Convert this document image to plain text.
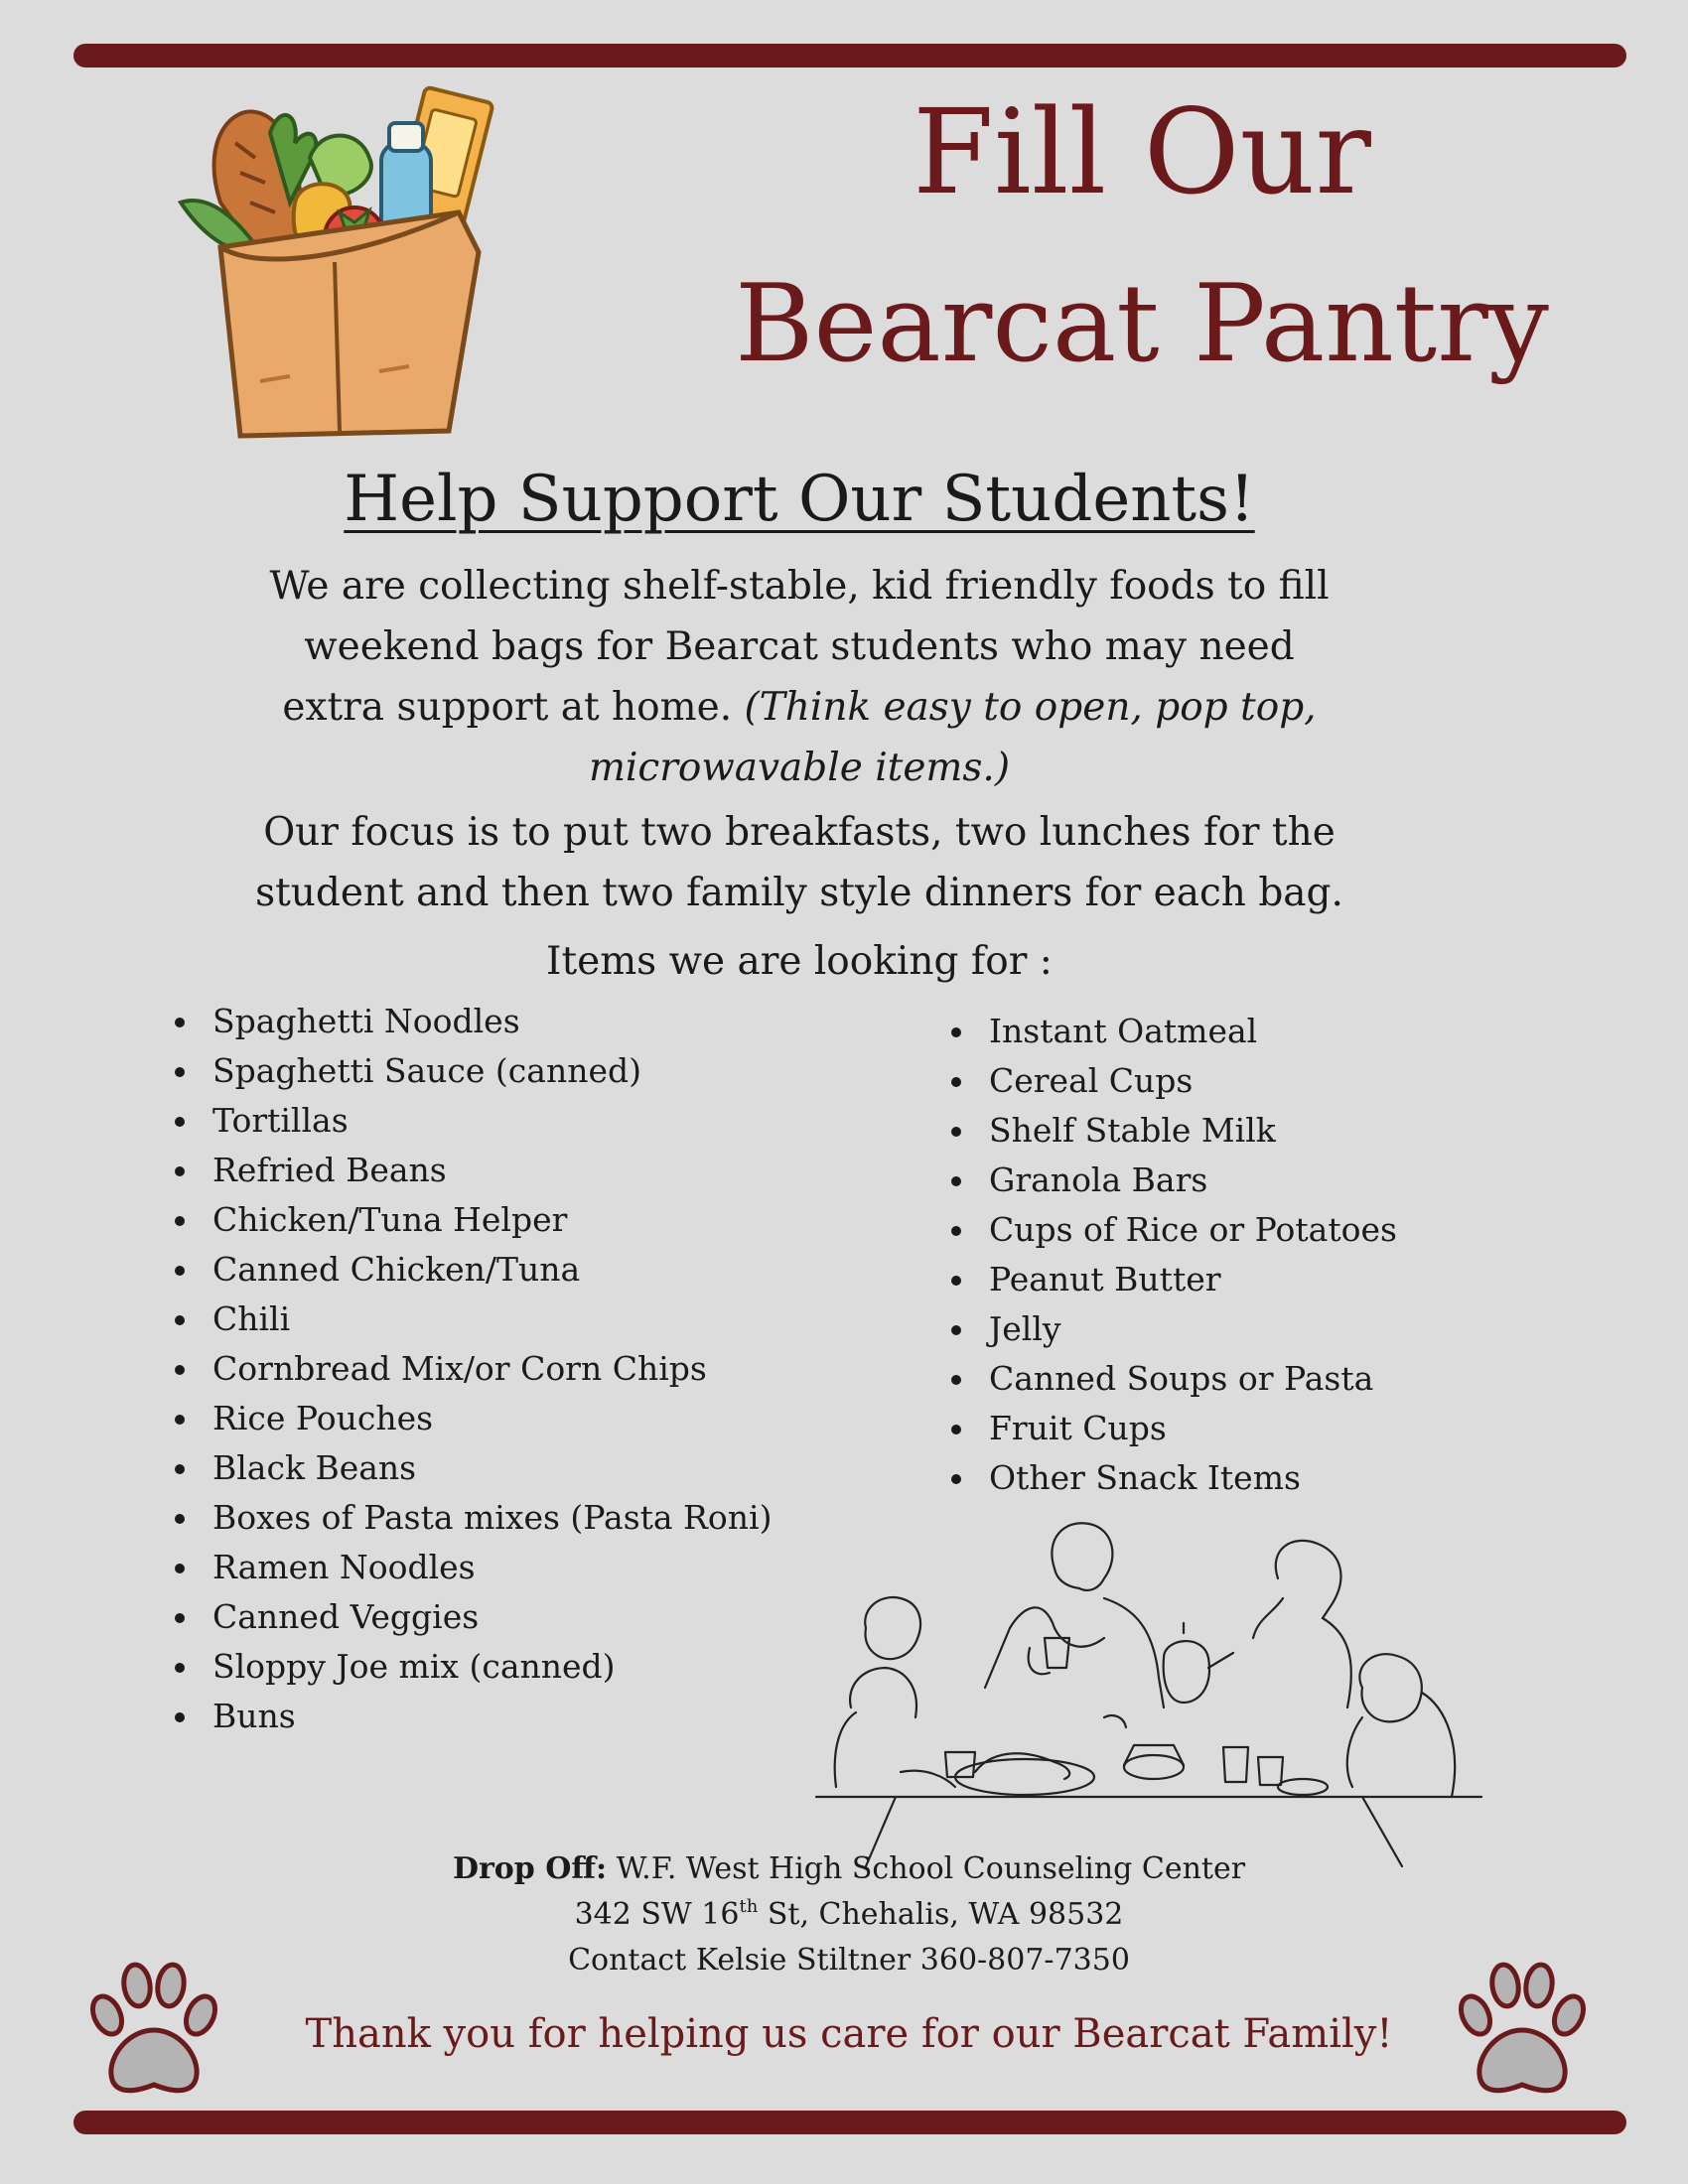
Fill Our
Bearcat Pantry
Help Support Our Students!

We are collecting shelf-stable, kid friendly foods to fill weekend bags for Bearcat students who may need extra support at home. (Think easy to open, pop top, microwavable items.)

Our focus is to put two breakfasts, two lunches for the student and then two family style dinners for each bag.

Items we are looking for :

Spaghetti Noodles
Spaghetti Sauce (canned)
Tortillas
Refried Beans
Chicken/Tuna Helper
Canned Chicken/Tuna
Chili
Cornbread Mix/or Corn Chips
Rice Pouches
Black Beans
Boxes of Pasta mixes (Pasta Roni)
Ramen Noodles
Canned Veggies
Sloppy Joe mix (canned)
Buns
Instant Oatmeal
Cereal Cups
Shelf Stable Milk
Granola Bars
Cups of Rice or Potatoes
Peanut Butter
Jelly
Canned Soups or Pasta
Fruit Cups
Other Snack Items

Drop Off: W.F. West High School Counseling Center

342 SW 16th St, Chehalis, WA 98532

Contact Kelsie Stiltner 360-807-7350

Thank you for helping us care for our Bearcat Family!
